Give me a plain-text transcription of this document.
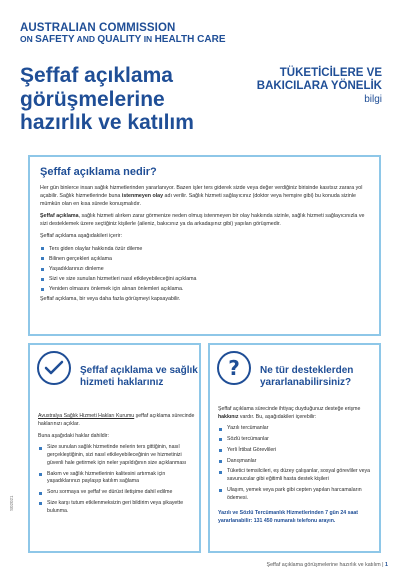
AUSTRALIAN COMMISSION
ON SAFETY AND QUALITY IN HEALTH CARE
Şeffaf açıklama görüşmelerine hazırlık ve katılım
TÜKETİCİLERE VE
BAKICILARA YÖNELİK
bilgi
Şeffaf açıklama nedir?

Her gün binlerce insan sağlık hizmetlerinden yararlanıyor. Bazen işler ters giderek sizde veya değer verdiğiniz birisinde kasıtsız zarara yol açabilir. Sağlık hizmetlerinde buna istenmeyen olay adı verilir. Sağlık hizmeti sağlayıcınız (doktor veya hemşire gibi) bu konuda sizinle mümkün olan en kısa sürede konuşmalıdır.

Şeffaf açıklama, sağlık hizmeti alırken zarar görmenize neden olmuş istenmeyen bir olay hakkında sizinle, sağlık hizmeti sağlayıcınızla ve sizi desteklemek üzere seçtiğiniz kişilerle (aileniz, bakıcınız ya da arkadaşınız gibi) yapılan görüşmedir.

Şeffaf açıklama aşağıdakileri içerir:

Ters giden olaylar hakkında özür dileme
Bilinen gerçekleri açıklama
Yaşadıklarınızı dinleme
Sizi ve size sunulan hizmetleri nasıl etkileyebileceğini açıklama
Yeniden olmasını önlemek için alınan önlemleri açıklama.

Şeffaf açıklama, bir veya daha fazla görüşmeyi kapsayabilir.

Şeffaf açıklama ve sağlık hizmeti haklarınız

Avustralya Sağlık Hizmeti Hakları Kurumu şeffaf açıklama sürecinde haklarınızı açıklar.

Buna aşağıdaki haklar dahildir:

Size sunulan sağlık hizmetinde nelerin ters gittiğinin, nasıl gerçekleştiğinin, sizi nasıl etkileyebileceğinin ve hizmetinizi güvenli hale getirmek için neler yapıldığının size açıklanması
Bakım ve sağlık hizmetlerinin kalitesini artırmak için yaşadıklarınızı paylaşıp katılım sağlama
Soru sormaya ve şeffaf ve dürüst iletişime dahil edilme
Size karşı tutum etkilenmeksizin geri bildirim veya şikayette bulunma.
? Ne tür desteklerden yararlanabilirsiniz?

Şeffaf açıklama sürecinde ihtiyaç duyduğunuz desteğe erişme hakkınız vardır. Bu, aşağıdakileri içerebilir:

Yazılı tercümanlar
Sözlü tercümanlar
Yerli İrtibat Görevlileri
Danışmanlar
Tüketici temsilcileri, eş düzey çalışanlar, sosyal görevliler veya savunucular gibi eğitimli hasta destek kişileri
Ulaşım, yemek veya park gibi cepten yapılan harcamaların ödemesi.

Yazılı ve Sözlü Tercümanlık Hizmetlerinden 7 gün 24 saat yararlanabilir: 131 450 numaralı telefonu arayın.

S02021
Şeffaf açıklama görüşmelerine hazırlık ve katılım | 1
